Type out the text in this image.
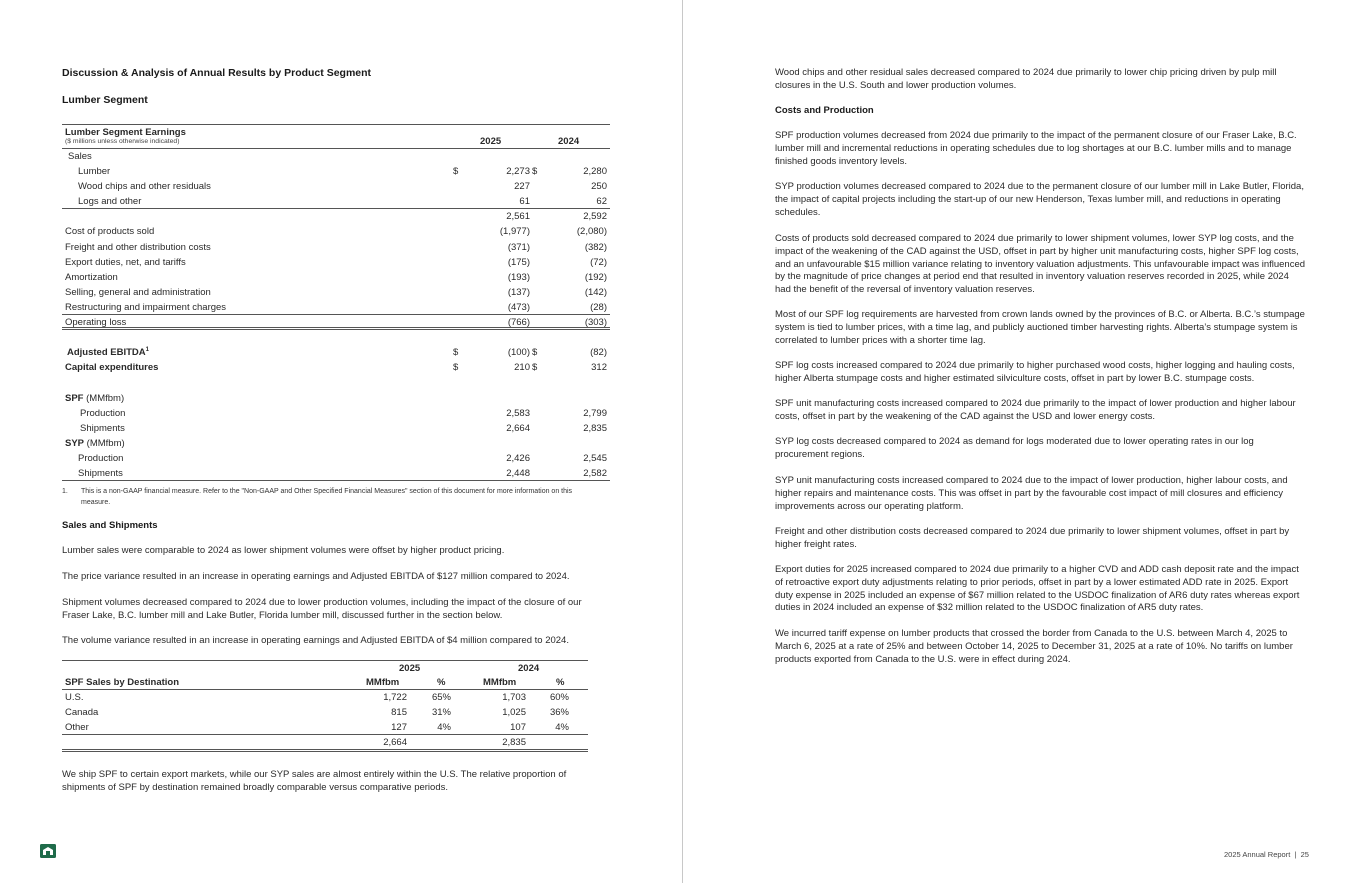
Discussion & Analysis of Annual Results by Product Segment
Lumber Segment
Lumber Segment Earnings
($ millions unless otherwise indicated)	2025	2024
Sales
Lumber	$	2,273 $	2,280
Wood chips and other residuals	227	250
Logs and other	61	62
2,561	2,592
Cost of products sold	(1,977)	(2,080)
Freight and other distribution costs	(371)	(382)
Export duties, net, and tariffs	(175)	(72)
Amortization	(193)	(192)
Selling, general and administration	(137)	(142)
Restructuring and impairment charges	(473)	(28)
Operating loss	(766)	(303)
Adjusted EBITDA$^1$	$	(100) $	(82)
Capital expenditures	$	210 $	312
SPF (MMfbm)
Production	2,583	2,799
Shipments	2,664	2,835
SYP (MMfbm)
Production	2,426	2,545
Shipments	2,448	2,582
1. This is a non-GAAP financial measure. Refer to the "Non-GAAP and Other Specified Financial Measures" section of this document for more information on this measure.
Sales and Shipments
Lumber sales were comparable to 2024 as lower shipment volumes were offset by higher product pricing.
The price variance resulted in an increase in operating earnings and Adjusted EBITDA of $127 million compared to 2024.
Shipment volumes decreased compared to 2024 due to lower production volumes, including the impact of the closure of our Fraser Lake, B.C. lumber mill and Lake Butler, Florida lumber mill, discussed further in the section below.
The volume variance resulted in an increase in operating earnings and Adjusted EBITDA of $4 million compared to 2024.
2025	2024
SPF Sales by Destination	MMfbm	%	MMfbm	%
U.S.	1,722	65%	1,703	60%
Canada	815	31%	1,025	36%
Other	127	4%	107	4%
2,664	2,835
We ship SPF to certain export markets, while our SYP sales are almost entirely within the U.S. The relative proportion of shipments of SPF by destination remained broadly comparable versus comparative periods.
Wood chips and other residual sales decreased compared to 2024 due primarily to lower chip pricing driven by pulp mill closures in the U.S. South and lower production volumes.
Costs and Production
SPF production volumes decreased from 2024 due primarily to the impact of the permanent closure of our Fraser Lake, B.C. lumber mill and incremental reductions in operating schedules due to log shortages at our B.C. lumber mills and to manage finished goods inventory levels.
SYP production volumes decreased compared to 2024 due to the permanent closure of our lumber mill in Lake Butler, Florida, the impact of capital projects including the start-up of our new Henderson, Texas lumber mill, and reductions in operating schedules.
Costs of products sold decreased compared to 2024 due primarily to lower shipment volumes, lower SYP log costs, and the impact of the weakening of the CAD against the USD, offset in part by higher unit manufacturing costs, higher SPF log costs, and an unfavourable $15 million variance relating to inventory valuation adjustments. This unfavourable impact was influenced by the magnitude of price changes at period end that resulted in inventory valuation reserves recorded in 2025, while 2024 had the benefit of the reversal of inventory valuation reserves.
Most of our SPF log requirements are harvested from crown lands owned by the provinces of B.C. or Alberta. B.C.’s stumpage system is tied to lumber prices, with a time lag, and publicly auctioned timber harvesting rights. Alberta’s stumpage system is correlated to lumber prices with a shorter time lag.
SPF log costs increased compared to 2024 due primarily to higher purchased wood costs, higher logging and hauling costs, higher Alberta stumpage costs and higher estimated silviculture costs, offset in part by lower B.C. stumpage costs.
SPF unit manufacturing costs increased compared to 2024 due primarily to the impact of lower production and higher labour costs, offset in part by the weakening of the CAD against the USD and lower energy costs.
SYP log costs decreased compared to 2024 as demand for logs moderated due to lower operating rates in our log procurement regions.
SYP unit manufacturing costs increased compared to 2024 due to the impact of lower production, higher labour costs, and higher repairs and maintenance costs. This was offset in part by the favourable cost impact of mill closures and efficiency improvements across our operating platform.
Freight and other distribution costs decreased compared to 2024 due primarily to lower shipment volumes, offset in part by higher freight rates.
Export duties for 2025 increased compared to 2024 due primarily to a higher CVD and ADD cash deposit rate and the impact of retroactive export duty adjustments relating to prior periods, offset in part by a lower estimated ADD rate in 2025. Export duty expense in 2025 included an expense of $67 million related to the USDOC finalization of AR6 duty rates whereas export duties in 2024 included an expense of $32 million related to the USDOC finalization of AR5 duty rates.
We incurred tariff expense on lumber products that crossed the border from Canada to the U.S. between March 4, 2025 to March 6, 2025 at a rate of 25% and between October 14, 2025 to December 31, 2025 at a rate of 10%. No tariffs on lumber products exported from Canada to the U.S. were in effect during 2024.
2025 Annual Report  |  25
